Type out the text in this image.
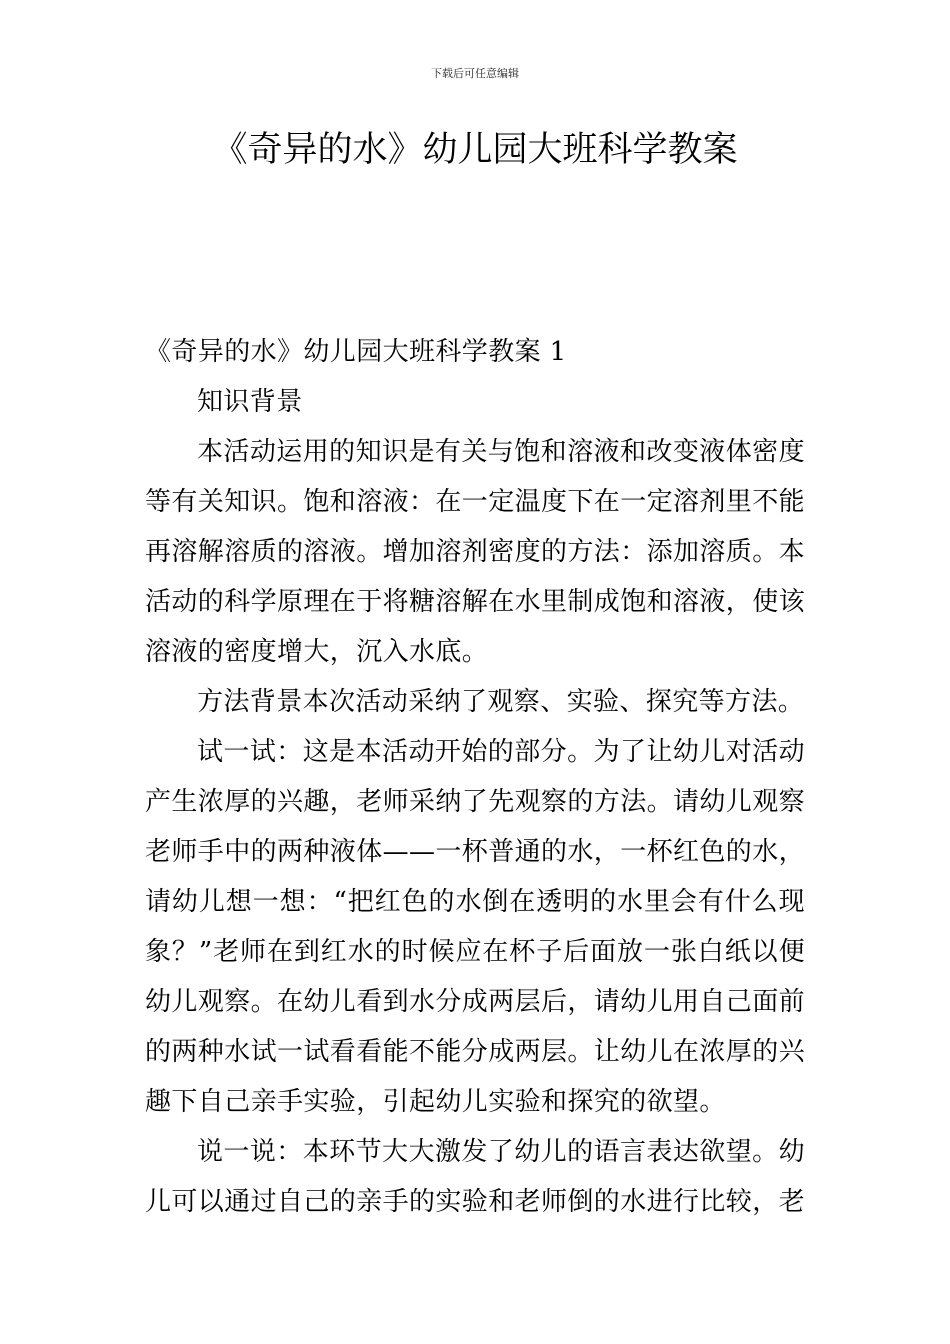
下载后可任意编辑
《奇异的水》幼儿园大班科学教案

《奇异的水》幼儿园大班科学教案 1

知识背景

本活动运用的知识是有关与饱和溶液和改变液体密度等有关知识。饱和溶液：在一定温度下在一定溶剂里不能再溶解溶质的溶液。增加溶剂密度的方法：添加溶质。本活动的科学原理在于将糖溶解在水里制成饱和溶液，使该溶液的密度增大，沉入水底。

方法背景本次活动采纳了观察、实验、探究等方法。

试一试：这是本活动开始的部分。为了让幼儿对活动产生浓厚的兴趣，老师采纳了先观察的方法。请幼儿观察老师手中的两种液体——一杯普通的水，一杯红色的水，请幼儿想一想：“把红色的水倒在透明的水里会有什么现象？”老师在到红水的时候应在杯子后面放一张白纸以便幼儿观察。在幼儿看到水分成两层后，请幼儿用自己面前的两种水试一试看看能不能分成两层。让幼儿在浓厚的兴趣下自己亲手实验，引起幼儿实验和探究的欲望。

说一说：本环节大大激发了幼儿的语言表达欲望。幼儿可以通过自己的亲手的实验和老师倒的水进行比较，老
